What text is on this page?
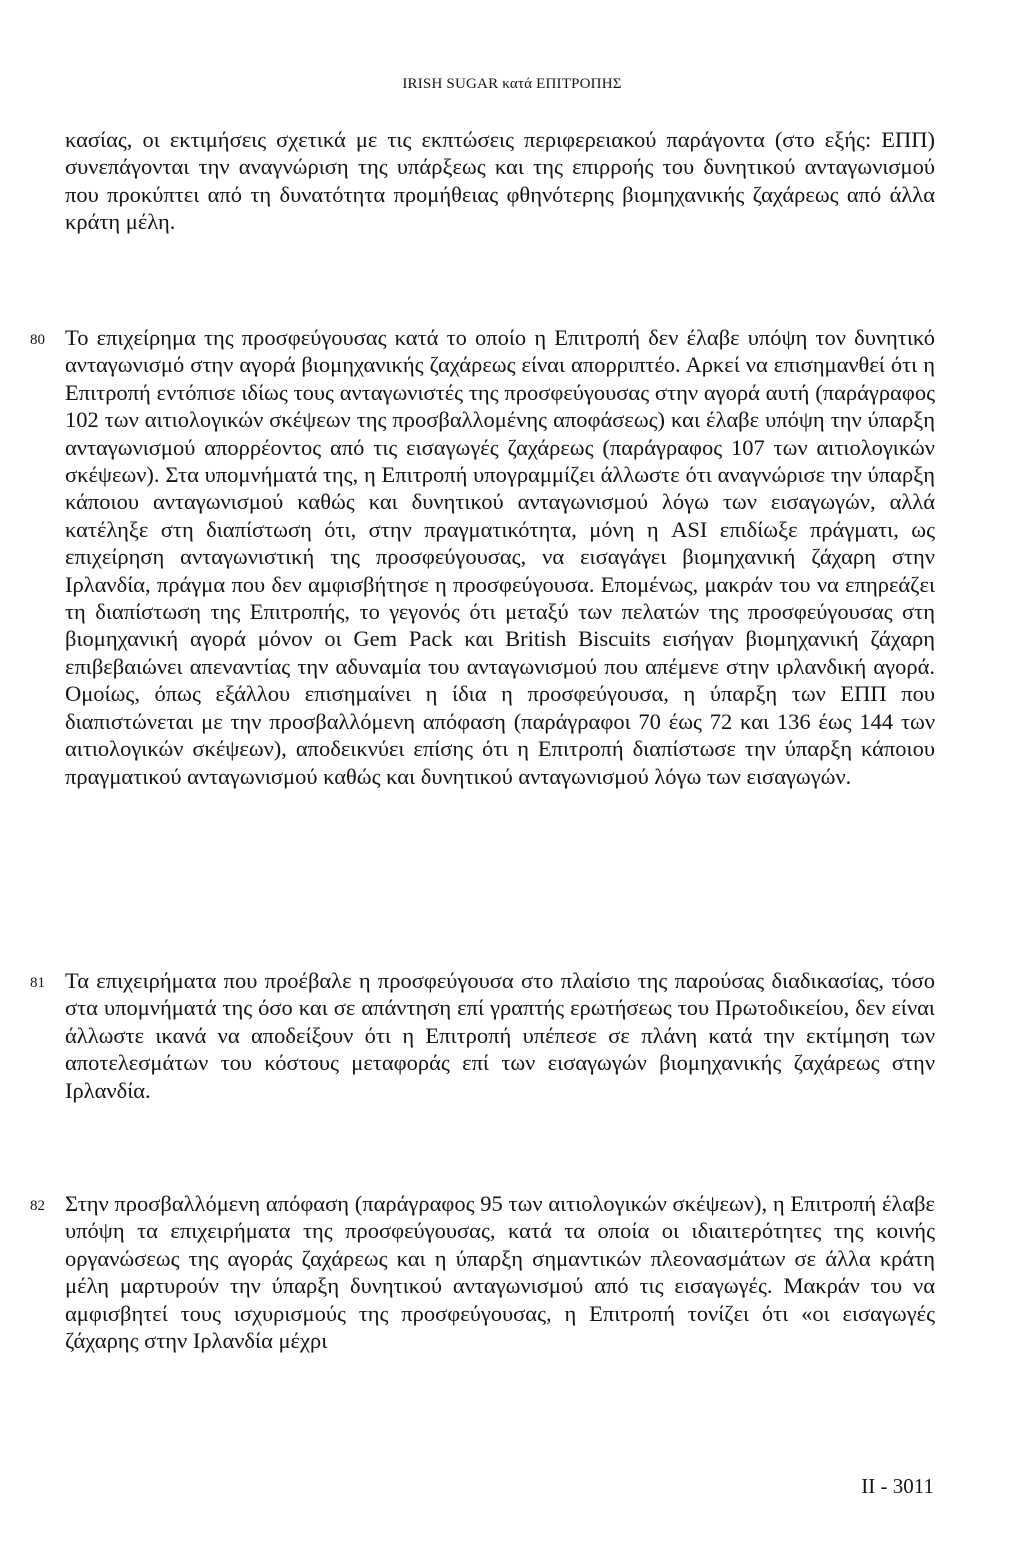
IRISH SUGAR κατά ΕΠΙΤΡΟΠΗΣ
κασίας, οι εκτιμήσεις σχετικά με τις εκπτώσεις περιφερειακού παράγοντα (στο εξής: ΕΠΠ) συνεπάγονται την αναγνώριση της υπάρξεως και της επιρροής του δυνητικού ανταγωνισμού που προκύπτει από τη δυνατότητα προμήθειας φθηνότερης βιομηχανικής ζαχάρεως από άλλα κράτη μέλη.
80 Το επιχείρημα της προσφεύγουσας κατά το οποίο η Επιτροπή δεν έλαβε υπόψη τον δυνητικό ανταγωνισμό στην αγορά βιομηχανικής ζαχάρεως είναι απορριπτέο. Αρκεί να επισημανθεί ότι η Επιτροπή εντόπισε ιδίως τους ανταγωνιστές της προσφεύγουσας στην αγορά αυτή (παράγραφος 102 των αιτιολογικών σκέψεων της προσβαλλομένης αποφάσεως) και έλαβε υπόψη την ύπαρξη ανταγωνισμού απορρέοντος από τις εισαγωγές ζαχάρεως (παράγραφος 107 των αιτιολογικών σκέψεων). Στα υπομνήματά της, η Επιτροπή υπογραμμίζει άλλωστε ότι αναγνώρισε την ύπαρξη κάποιου ανταγωνισμού καθώς και δυνητικού ανταγωνισμού λόγω των εισαγωγών, αλλά κατέληξε στη διαπίστωση ότι, στην πραγματικότητα, μόνη η ASI επιδίωξε πράγματι, ως επιχείρηση ανταγωνιστική της προσφεύγουσας, να εισαγάγει βιομηχανική ζάχαρη στην Ιρλανδία, πράγμα που δεν αμφισβήτησε η προσφεύγουσα. Επομένως, μακράν του να επηρεάζει τη διαπίστωση της Επιτροπής, το γεγονός ότι μεταξύ των πελατών της προσφεύγουσας στη βιομηχανική αγορά μόνον οι Gem Pack και British Biscuits εισήγαν βιομηχανική ζάχαρη επιβεβαιώνει απεναντίας την αδυναμία του ανταγωνισμού που απέμενε στην ιρλανδική αγορά. Ομοίως, όπως εξάλλου επισημαίνει η ίδια η προσφεύγουσα, η ύπαρξη των ΕΠΠ που διαπιστώνεται με την προσβαλλόμενη απόφαση (παράγραφοι 70 έως 72 και 136 έως 144 των αιτιολογικών σκέψεων), αποδεικνύει επίσης ότι η Επιτροπή διαπίστωσε την ύπαρξη κάποιου πραγματικού ανταγωνισμού καθώς και δυνητικού ανταγωνισμού λόγω των εισαγωγών.
81 Τα επιχειρήματα που προέβαλε η προσφεύγουσα στο πλαίσιο της παρούσας διαδικασίας, τόσο στα υπομνήματά της όσο και σε απάντηση επί γραπτής ερωτήσεως του Πρωτοδικείου, δεν είναι άλλωστε ικανά να αποδείξουν ότι η Επιτροπή υπέπεσε σε πλάνη κατά την εκτίμηση των αποτελεσμάτων του κόστους μεταφοράς επί των εισαγωγών βιομηχανικής ζαχάρεως στην Ιρλανδία.
82 Στην προσβαλλόμενη απόφαση (παράγραφος 95 των αιτιολογικών σκέψεων), η Επιτροπή έλαβε υπόψη τα επιχειρήματα της προσφεύγουσας, κατά τα οποία οι ιδιαιτερότητες της κοινής οργανώσεως της αγοράς ζαχάρεως και η ύπαρξη σημαντικών πλεονασμάτων σε άλλα κράτη μέλη μαρτυρούν την ύπαρξη δυνητικού ανταγωνισμού από τις εισαγωγές. Μακράν του να αμφισβητεί τους ισχυρισμούς της προσφεύγουσας, η Επιτροπή τονίζει ότι «οι εισαγωγές ζάχαρης στην Ιρλανδία μέχρι
II - 3011
